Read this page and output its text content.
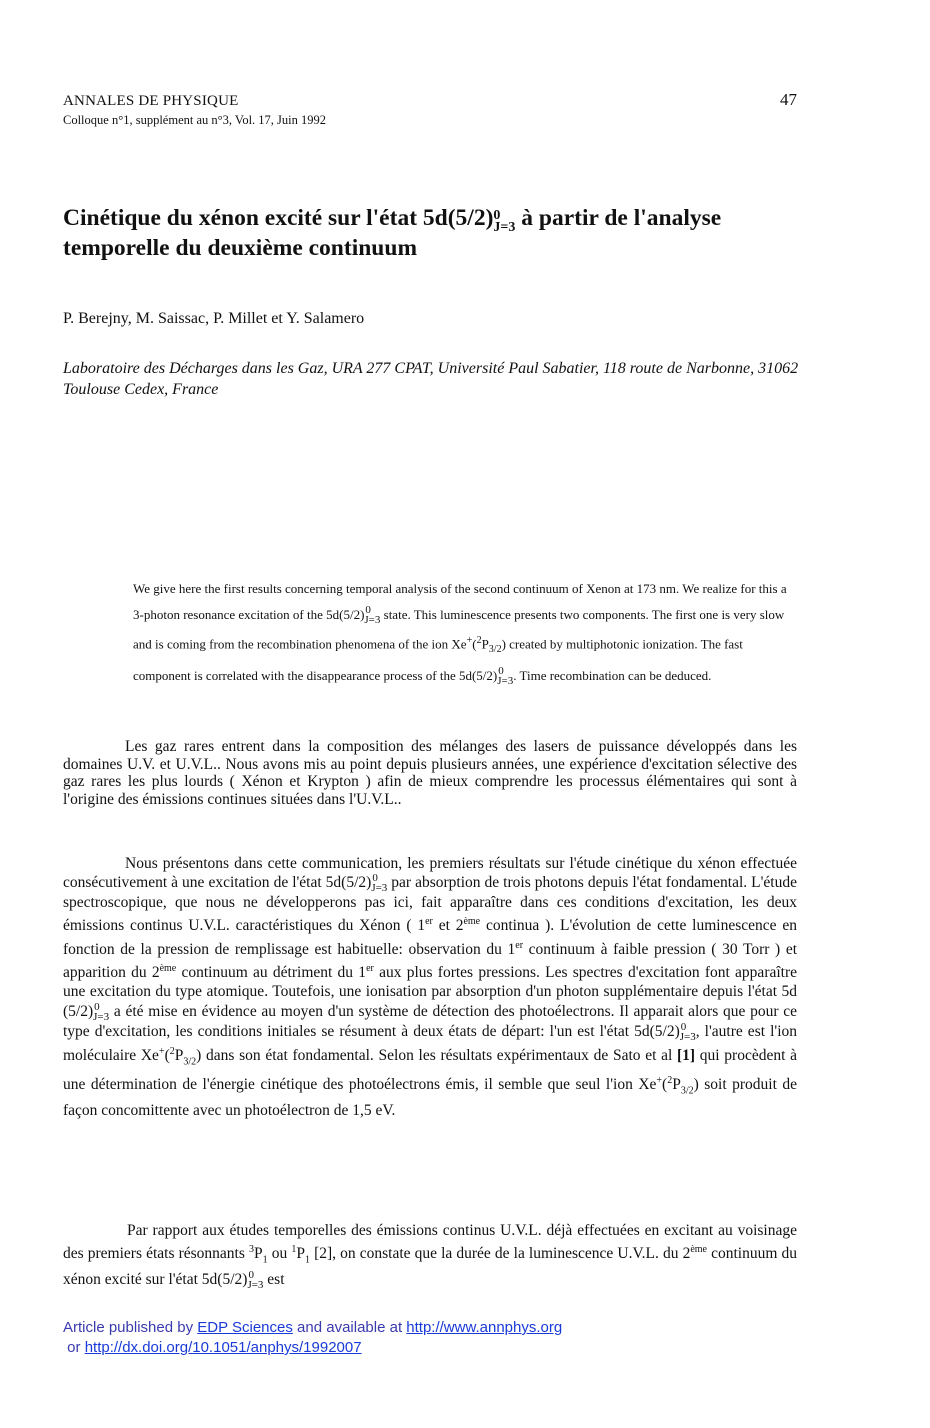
ANNALES DE PHYSIQUE
Colloque n°1, supplément au n°3, Vol. 17, Juin 1992
47
Cinétique du xénon excité sur l'état 5d(5/2) 0
J=3 à partir de l'analyse temporelle du deuxième continuum
P. Berejny, M. Saissac, P. Millet et Y. Salamero
Laboratoire des Décharges dans les Gaz, URA 277 CPAT, Université Paul Sabatier, 118 route de Narbonne, 31062 Toulouse Cedex, France
We give here the first results concerning temporal analysis of the second continuum of Xenon at 173 nm. We realize for this a 3-photon resonance excitation of the 5d(5/2) 0
J=3 state. This luminescence presents two components. The first one is very slow and is coming from the recombination phenomena of the ion $Xe^+(^2P_{3/2})$ created by multiphotonic ionization. The fast component is correlated with the disappearance process of the 5d(5/2) 0
J=3. Time recombination can be deduced.
Les gaz rares entrent dans la composition des mélanges des lasers de puissance développés dans les domaines U.V. et U.V.L.. Nous avons mis au point depuis plusieurs années, une expérience d'excitation sélective des gaz rares les plus lourds ( Xénon et Krypton ) afin de mieux comprendre les processus élémentaires qui sont à l'origine des émissions continues situées dans l'U.V.L..
Nous présentons dans cette communication, les premiers résultats sur l'étude cinétique du xénon effectuée consécutivement à une excitation de l'état 5d(5/2) 0
J=3 par absorption de trois photons depuis l'état fondamental. L'étude spectroscopique, que nous ne développerons pas ici, fait apparaître dans ces conditions d'excitation, les deux émissions continus U.V.L. caractéristiques du Xénon ( 1er et 2ème continua ). L'évolution de cette luminescence en fonction de la pression de remplissage est habituelle: observation du 1er continuum à faible pression ( 30 Torr ) et apparition du 2ème continuum au détriment du 1er aux plus fortes pressions. Les spectres d'excitation font apparaître une excitation du type atomique. Toutefois, une ionisation par absorption d'un photon supplémentaire depuis l'état 5d (5/2) 0
J=3 a été mise en évidence au moyen d'un système de détection des photoélectrons. Il apparait alors que pour ce type d'excitation, les conditions initiales se résument à deux états de départ: l'un est l'état 5d(5/2) 0
J=3, l'autre est l'ion moléculaire $Xe^+(^2P_{3/2})$ dans son état fondamental. Selon les résultats expérimentaux de Sato et al [1] qui procèdent à une détermination de l'énergie cinétique des photoélectrons émis, il semble que seul l'ion $Xe^+(^2P_{3/2})$ soit produit de façon concomittente avec un photoélectron de 1,5 eV.
Par rapport aux études temporelles des émissions continus U.V.L. déjà effectuées en excitant au voisinage des premiers états résonnants $^3P_1$ ou $^1P_1$ [2], on constate que la durée de la luminescence U.V.L. du 2ème continuum du xénon excité sur l'état 5d(5/2) 0
J=3 est
Article published by EDP Sciences and available at http://www.annphys.org
or http://dx.doi.org/10.1051/anphys/1992007
